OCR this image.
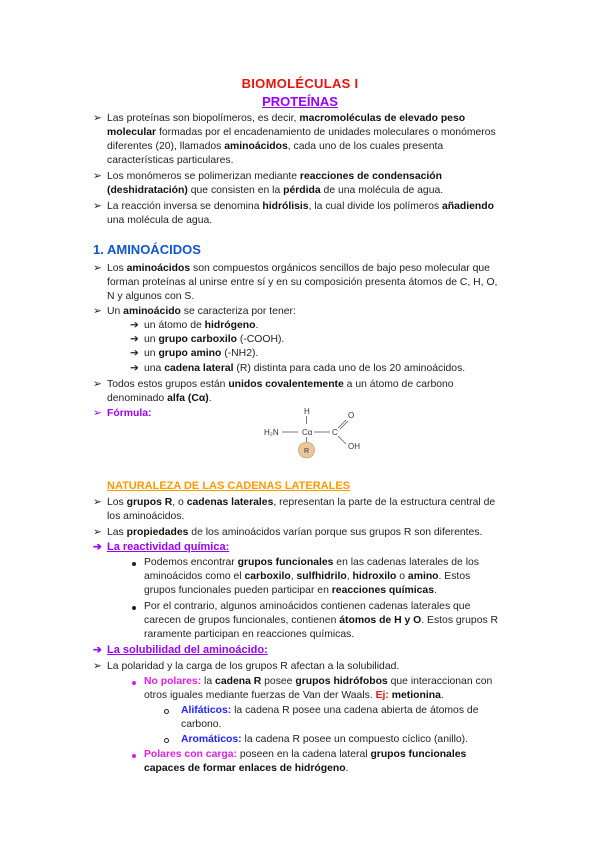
BIOMOLÉCULAS I
PROTEÍNAS
➢ Las proteínas son biopolímeros, es decir, macromoléculas de elevado peso
molecular formadas por el encadenamiento de unidades moleculares o monómeros
diferentes (20), llamados aminoácidos, cada uno de los cuales presenta
características particulares.
➢ Los monómeros se polimerizan mediante reacciones de condensación
(deshidratación) que consisten en la pérdida de una molécula de agua.
➢ La reacción inversa se denomina hidrólisis, la cual divide los polímeros añadiendo
una molécula de agua.
1. AMINOÁCIDOS
➢ Los aminoácidos son compuestos orgánicos sencillos de bajo peso molecular que
forman proteínas al unirse entre sí y en su composición presenta átomos de C, H, O,
N y algunos con S.
➢ Un aminoácido se caracteriza por tener:
➔ un átomo de hidrógeno.
➔ un grupo carboxilo (-COOH).
➔ un grupo amino (-NH2).
➔ una cadena lateral (R) distinta para cada uno de los 20 aminoácidos.
➢ Todos estos grupos están unidos covalentemente a un átomo de carbono
denominado alfa (Cα).
➢ Fórmula:	H
H₂N	Cα C
O
OH
R
NATURALEZA DE LAS CADENAS LATERALES
➢ Los grupos R, o cadenas laterales, representan la parte de la estructura central de
los aminoácidos.
➢ Las propiedades de los aminoácidos varían porque sus grupos R son diferentes.
➔ La reactividad química:
Podemos encontrar grupos funcionales en las cadenas laterales de los
aminoácidos como el carboxilo, sulfhidrilo, hidroxilo o amino. Estos
grupos funcionales pueden participar en reacciones químicas.
Por el contrario, algunos aminoácidos contienen cadenas laterales que
carecen de grupos funcionales, contienen átomos de H y O. Estos grupos R
raramente participan en reacciones químicas.
➔ La solubilidad del aminoácido:
➢ La polaridad y la carga de los grupos R afectan a la solubilidad.
No polares: la cadena R posee grupos hidrófobos que interaccionan con
otros iguales mediante fuerzas de Van der Waals. Ej: metionina.
Alifáticos: la cadena R posee una cadena abierta de átomos de
carbono.
Aromáticos: la cadena R posee un compuesto cíclico (anillo).
Polares con carga: poseen en la cadena lateral grupos funcionales
capaces de formar enlaces de hidrógeno.
